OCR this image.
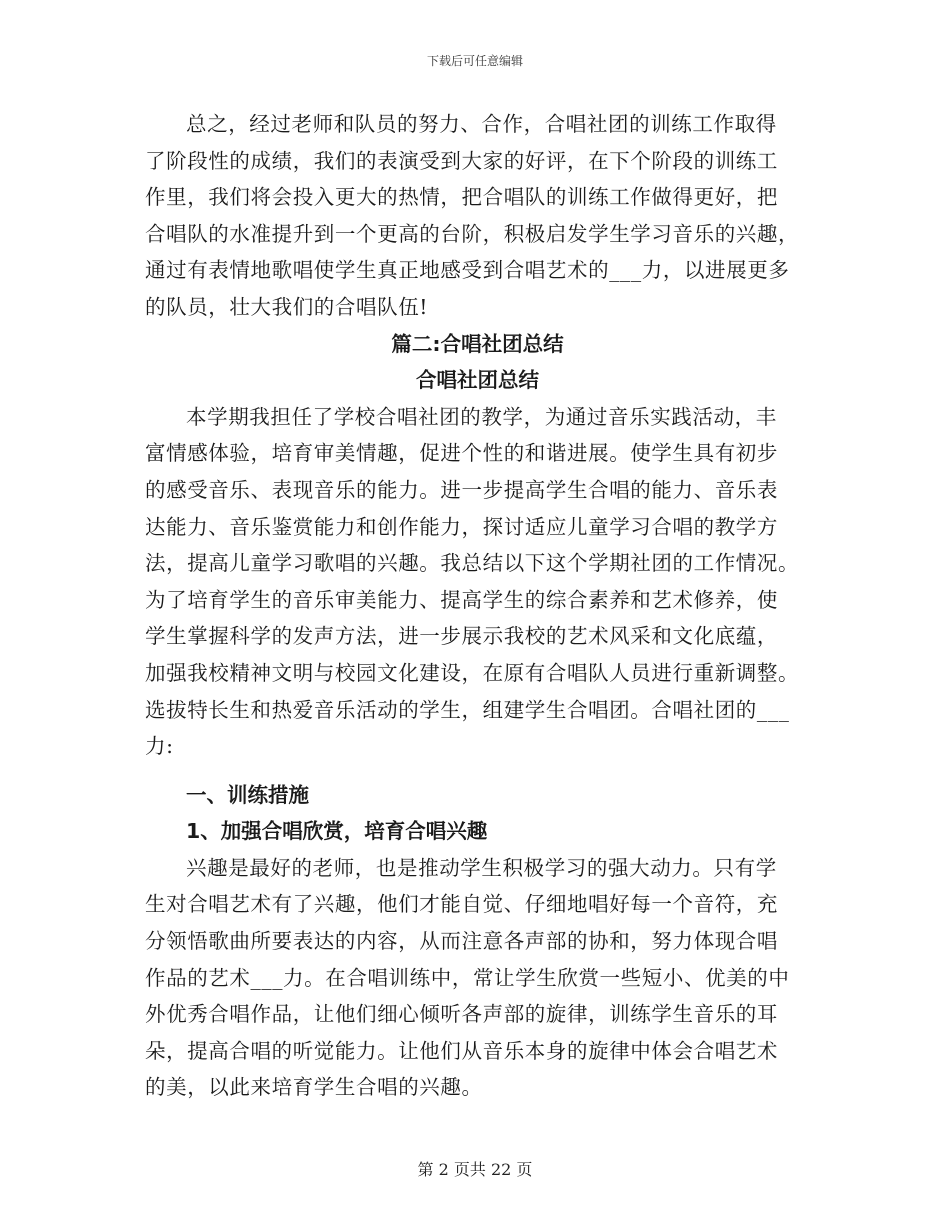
下载后可任意编辑
总之，经过老师和队员的努力、合作，合唱社团的训练工作取得
了阶段性的成绩，我们的表演受到大家的好评，在下个阶段的训练工
作里，我们将会投入更大的热情，把合唱队的训练工作做得更好，把
合唱队的水准提升到一个更高的台阶，积极启发学生学习音乐的兴趣，
通过有表情地歌唱使学生真正地感受到合唱艺术的___力，以进展更多
的队员，壮大我们的合唱队伍!
篇二:合唱社团总结
合唱社团总结
本学期我担任了学校合唱社团的教学，为通过音乐实践活动，丰
富情感体验，培育审美情趣，促进个性的和谐进展。使学生具有初步
的感受音乐、表现音乐的能力。进一步提高学生合唱的能力、音乐表
达能力、音乐鉴赏能力和创作能力，探讨适应儿童学习合唱的教学方
法，提高儿童学习歌唱的兴趣。我总结以下这个学期社团的工作情况。
为了培育学生的音乐审美能力、提高学生的综合素养和艺术修养，使
学生掌握科学的发声方法，进一步展示我校的艺术风采和文化底蕴，
加强我校精神文明与校园文化建设，在原有合唱队人员进行重新调整。
选拔特长生和热爱音乐活动的学生，组建学生合唱团。合唱社团的___
力:
一、训练措施
1、加强合唱欣赏，培育合唱兴趣
兴趣是最好的老师，也是推动学生积极学习的强大动力。只有学
生对合唱艺术有了兴趣，他们才能自觉、仔细地唱好每一个音符，充
分领悟歌曲所要表达的内容，从而注意各声部的协和，努力体现合唱
作品的艺术___力。在合唱训练中，常让学生欣赏一些短小、优美的中
外优秀合唱作品，让他们细心倾听各声部的旋律，训练学生音乐的耳
朵，提高合唱的听觉能力。让他们从音乐本身的旋律中体会合唱艺术
的美，以此来培育学生合唱的兴趣。
第 2 页共 22 页
